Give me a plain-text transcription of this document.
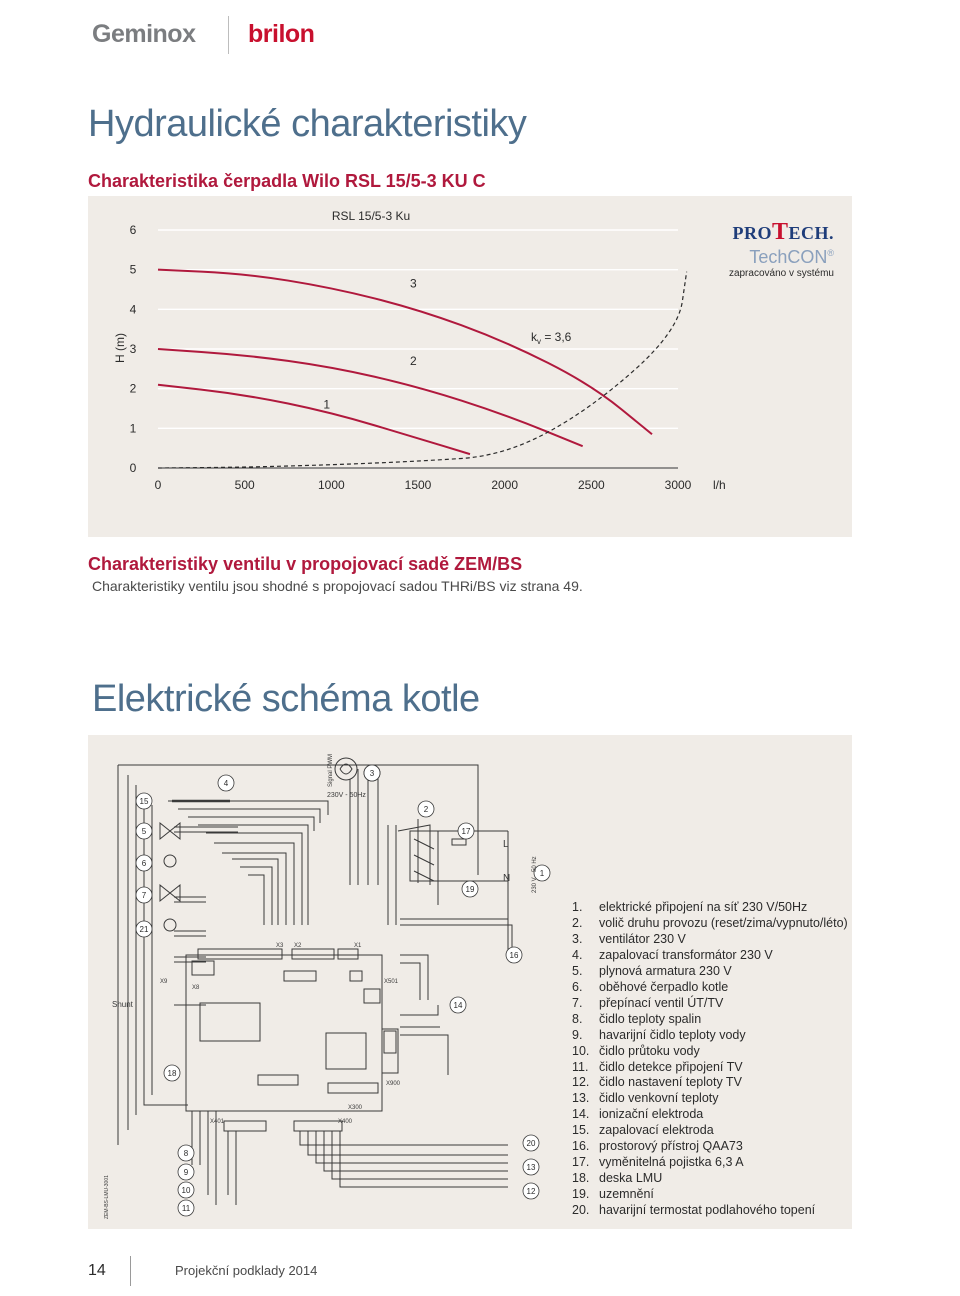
Geminox brilon
Hydraulické charakteristiky
Charakteristika čerpadla Wilo RSL 15/5-3 KU C
0
1
2
3
4
5
6
0	500	1000	1500	2000	2500	3000
1
2
3
RSL 15/5-3 Ku
H (m)
l/h
$k_v = 3,6$
PROTECH.
TechCON®
zapracováno v systému
Charakteristiky ventilu v propojovací sadě ZEM/BS
Charakteristiky ventilu jsou shodné s propojovací sadou THRi/BS viz strana 49.
Elektrické schéma kotle
15
4
3
2
17
5
6
7
21
19
16
14
18
1
8
9
10
11
20
13
12
230V - 50Hz
Signal PWM
L
N	230 V - 50 Hz
Shunt
X3 X2	X1
X8
X9	X501
X900
X401	X400
X300
ZEM-BS-LMU-3001
1. elektrické připojení na síť 230 V/50Hz
2. volič druhu provozu (reset/zima/vypnuto/léto)
3. ventilátor 230 V
4. zapalovací transformátor 230 V
5. plynová armatura 230 V
6. oběhové čerpadlo kotle
7. přepínací ventil ÚT/TV
8. čidlo teploty spalin
9. havarijní čidlo teploty vody
10. čidlo průtoku vody
11. čidlo detekce připojení TV
12. čidlo nastavení teploty TV
13. čidlo venkovní teploty
14. ionizační elektroda
15. zapalovací elektroda
16. prostorový přístroj QAA73
17. vyměnitelná pojistka 6,3 A
18. deska LMU
19. uzemnění
20. havarijní termostat podlahového topení
14	Projekční podklady 2014
